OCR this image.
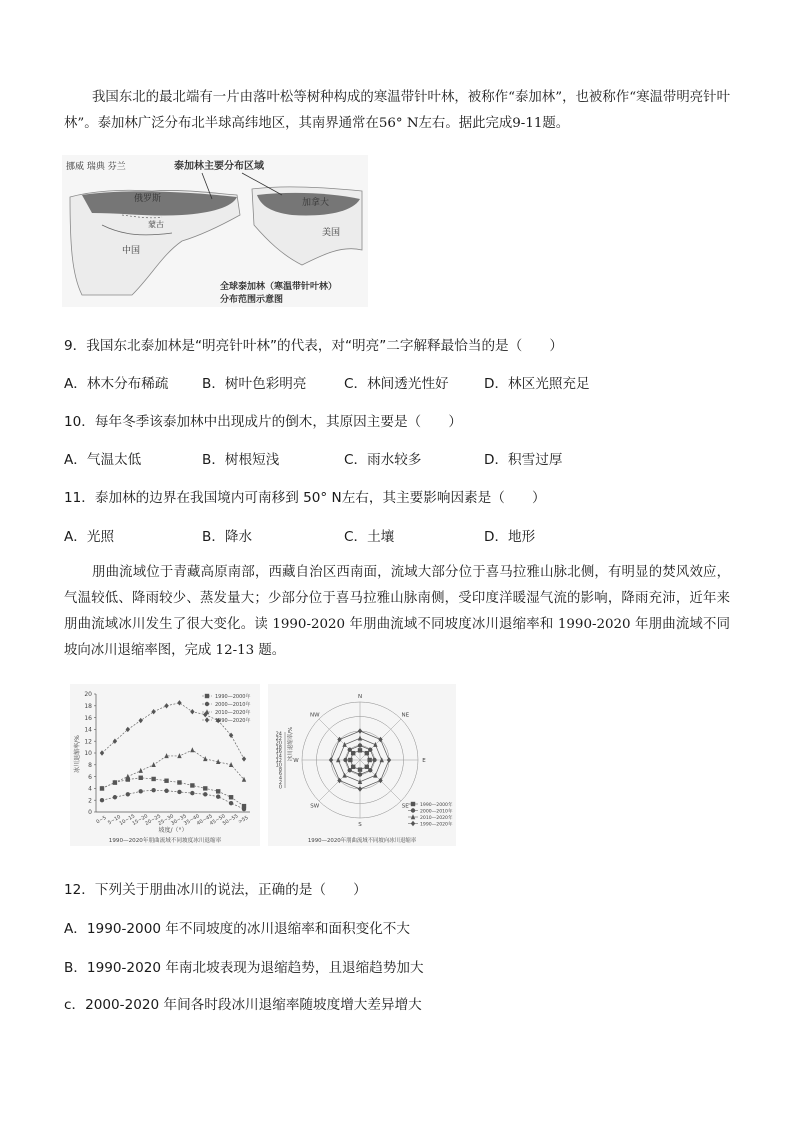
我国东北的最北端有一片由落叶松等树种构成的寒温带针叶林，被称作“泰加林”，也被称作“寒温带明亮针叶林”。泰加林广泛分布北半球高纬地区，其南界通常在56° N左右。据此完成9-11题。

挪威 瑞典 芬兰	泰加林主要分布区域
俄罗斯
蒙古
中国
加拿大
美国
全球泰加林（寒温带针叶林）
分布范围示意图
9．我国东北泰加林是“明亮针叶林”的代表，对“明亮”二字解释最恰当的是（　　）
A．林木分布稀疏 B．树叶色彩明亮	C．林间透光性好	D．林区光照充足
10．每年冬季该泰加林中出现成片的倒木，其原因主要是（　　）
A．气温太低	B．树根短浅	C．雨水较多	D．积雪过厚
11．泰加林的边界在我国境内可南移到 50° N左右，其主要影响因素是（　　）
A．光照	B．降水	C．土壤	D．地形

朋曲流域位于青藏高原南部，西藏自治区西南面，流域大部分位于喜马拉雅山脉北侧，有明显的焚风效应，气温较低、降雨较少、蒸发量大；少部分位于喜马拉雅山脉南侧，受印度洋暖湿气流的影响，降雨充沛，近年来朋曲流域冰川发生了很大变化。读 1990-2020 年朋曲流域不同坡度冰川退缩率和 1990-2020 年朋曲流域不同坡向冰川退缩率图，完成 12-13 题。

0
2
4
6
8
10
12
14
16
18
20
0~5 5~10
10~15
15~20
20~25
25~30
30~35
35~40
40~45
45~50
50~55
>55
1990—2000年
2000—2010年
2010—2020年
1990—2020年
冰川退缩率/%
坡度/（°）
1990—2020年朋曲流域不同坡度冰川退缩率
N
NE
E
SE
S
SW
W
NW
0
2
4
6
8
10
12
14
16
18
20
22
24	冰川退缩率/%
1990—2000年
2000—2010年
2010—2020年
1990—2020年
1990—2020年朋曲流域不同坡向冰川退缩率
12．下列关于朋曲冰川的说法，正确的是（　　）
A．1990-2000 年不同坡度的冰川退缩率和面积变化不大
B．1990-2020 年南北坡表现为退缩趋势，且退缩趋势加大
c．2000-2020 年间各时段冰川退缩率随坡度增大差异增大
